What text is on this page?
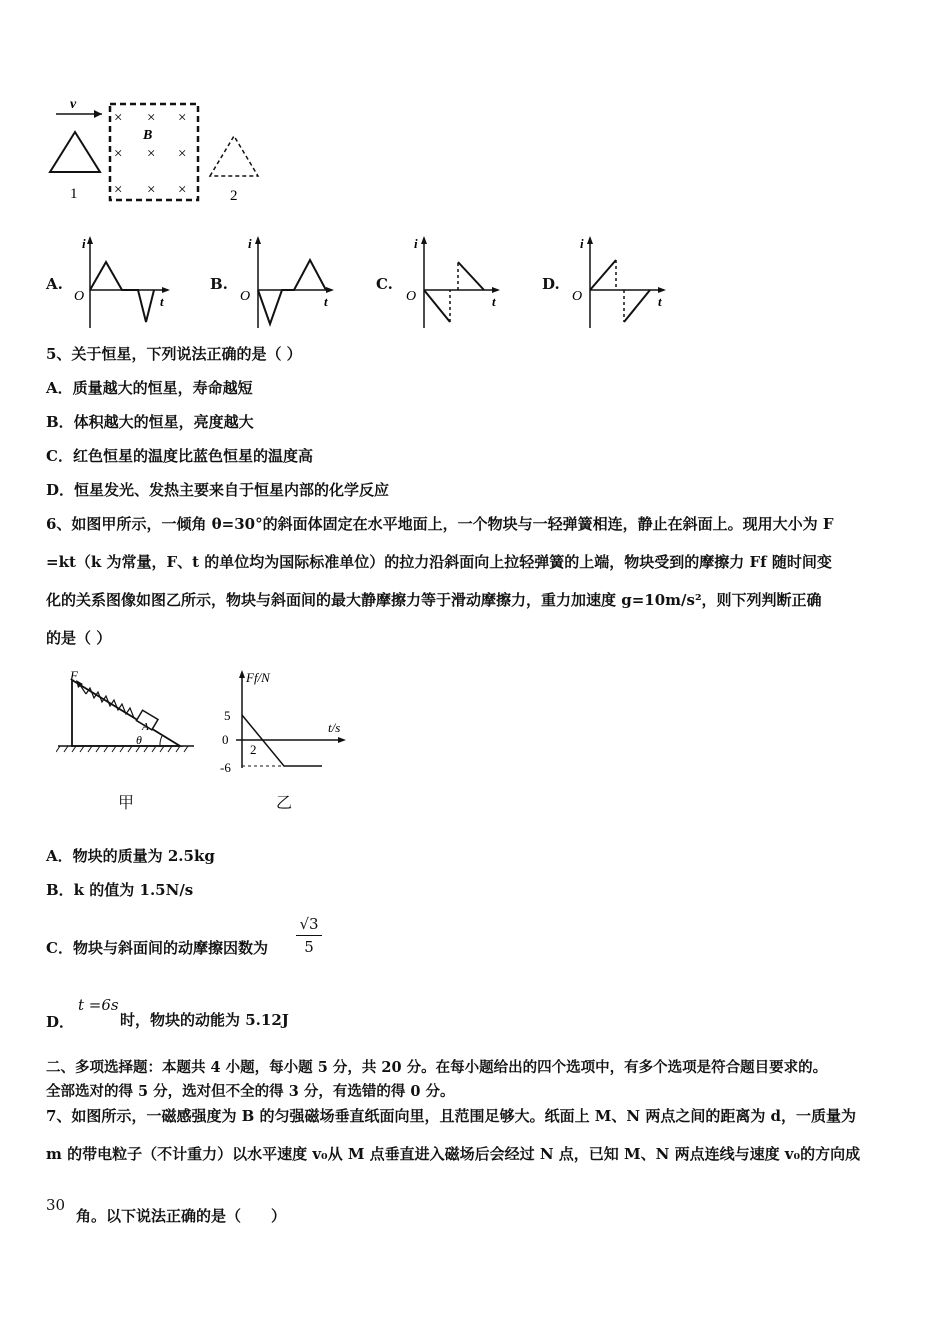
v
1
× × ×
× × ×
× × ×
B
2
A.
i
O	t
B.
i
O	t
C.
i
O	t
D.
i
O	t
5、关于恒星，下列说法正确的是（ ）
A．质量越大的恒星，寿命越短
B．体积越大的恒星，亮度越大
C．红色恒星的温度比蓝色恒星的温度高
D．恒星发光、发热主要来自于恒星内部的化学反应
6、如图甲所示，一倾角 θ=30°的斜面体固定在水平地面上，一个物块与一轻弹簧相连，静止在斜面上。现用大小为 F
=kt（k 为常量，F、t 的单位均为国际标准单位）的拉力沿斜面向上拉轻弹簧的上端，物块受到的摩擦力 Ff 随时间变
化的关系图像如图乙所示，物块与斜面间的最大静摩擦力等于滑动摩擦力，重力加速度 g=10m/s²，则下列判断正确
的是（ ）
A
F
θ
甲
Ff/N
t/s
5
0
-6
2
乙
A．物块的质量为 2.5kg
B．k 的值为 1.5N/s
C．物块与斜面间的动摩擦因数为
√3
5
D．
t =6s
时，物块的动能为 5.12J
二、多项选择题：本题共 4 小题，每小题 5 分，共 20 分。在每小题给出的四个选项中，有多个选项是符合题目要求的。
全部选对的得 5 分，选对但不全的得 3 分，有选错的得 0 分。
7、如图所示，一磁感强度为 B 的匀强磁场垂直纸面向里，且范围足够大。纸面上 M、N 两点之间的距离为 d，一质量为
m 的带电粒子（不计重力）以水平速度 v₀从 M 点垂直进入磁场后会经过 N 点，已知 M、N 两点连线与速度 v₀的方向成
30
角。以下说法正确的是（　　）
